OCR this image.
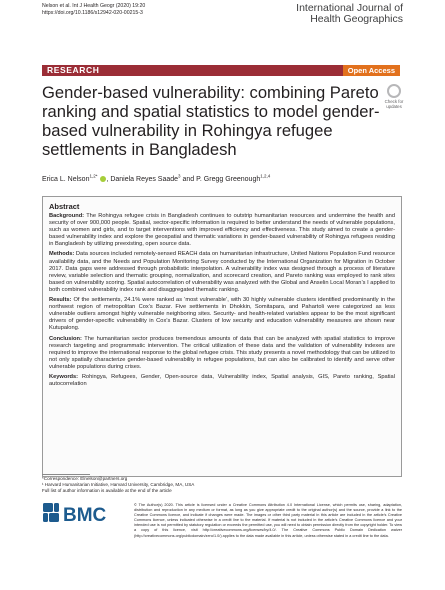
Nelson et al. Int J Health Geogr (2020) 19:20
https://doi.org/10.1186/s12942-020-00215-3	International Journal of
Health Geographics
RESEARCH	Open Access
Check for
updates
Gender-based vulnerability: combining Pareto ranking and spatial statistics to model gender-based vulnerability in Rohingya refugee settlements in Bangladesh
Erica L. Nelson$^{1,2*}$ , Daniela Reyes Saade$^3$ and P. Gregg Greenough$^{1,2,4}$
Abstract

Background: The Rohingya refugee crisis in Bangladesh continues to outstrip humanitarian resources and undermine the health and security of over 900,000 people. Spatial, sector-specific information is required to better understand the needs of vulnerable populations, such as women and girls, and to target interventions with improved efficiency and effectiveness. This study aimed to create a gender-based vulnerability index and explore the geospatial and thematic variations in gender-based vulnerability of Rohingya refugees residing in Bangladesh by utilizing preexisting, open source data.

Methods: Data sources included remotely-sensed REACH data on humanitarian infrastructure, United Nations Population Fund resource availability data, and the Needs and Population Monitoring Survey conducted by the International Organization for Migration in October 2017. Data gaps were addressed through probabilistic interpolation. A vulnerability index was designed through a process of literature review, variable selection and thematic grouping, normalization, and scorecard creation, and Pareto ranking was employed to rank sites based on vulnerability scoring. Spatial autocorrelation of vulnerability was analyzed with the Global and Anselin Local Moran’s I applied to both combined vulnerability index rank and disaggregated thematic ranking.

Results: Of the settlements, 24.1% were ranked as ‘most vulnerable’, with 30 highly vulnerable clusters identified predominantly in the northwest region of metropolitan Cox’s Bazar. Five settlements in Dhokkin, Somitapara, and Pahartoli were categorized as less vulnerable outliers amongst highly vulnerable neighboring sites. Security- and health-related variables appear to be the most significant drivers of gender-specific vulnerability in Cox’s Bazar. Clusters of low security and education vulnerability measures are shown near Kutupalong.

Conclusion: The humanitarian sector produces tremendous amounts of data that can be analyzed with spatial statistics to improve research targeting and programmatic intervention. The critical utilization of these data and the validation of vulnerability indexes are required to improve the international response to the global refugee crisis. This study presents a novel methodology that can be utilized to not only spatially characterize gender-based vulnerability in refugee populations, but can also be calibrated to identify and serve other vulnerable populations during crises.

Keywords: Rohingya, Refugees, Gender, Open-source data, Vulnerability index, Spatial analysis, GIS, Pareto ranking, Spatial autocorrelation

*Correspondence: Elnelson@partners.org
¹ Harvard Humanitarian Initiative, Harvard University, Cambridge, MA, USA
Full list of author information is available at the end of the article
BMC	© The Author(s) 2020. This article is licensed under a Creative Commons Attribution 4.0 International License, which permits use, sharing, adaptation, distribution and reproduction in any medium or format, as long as you give appropriate credit to the original author(s) and the source, provide a link to the Creative Commons licence, and indicate if changes were made. The images or other third party material in this article are included in the article’s Creative Commons licence, unless indicated otherwise in a credit line to the material. If material is not included in the article’s Creative Commons licence and your intended use is not permitted by statutory regulation or exceeds the permitted use, you will need to obtain permission directly from the copyright holder. To view a copy of this licence, visit http://creativecommons.org/licenses/by/4.0/. The Creative Commons Public Domain Dedication waiver (http://creativecommons.org/publicdomain/zero/1.0/) applies to the data made available in this article, unless otherwise stated in a credit line to the data.
